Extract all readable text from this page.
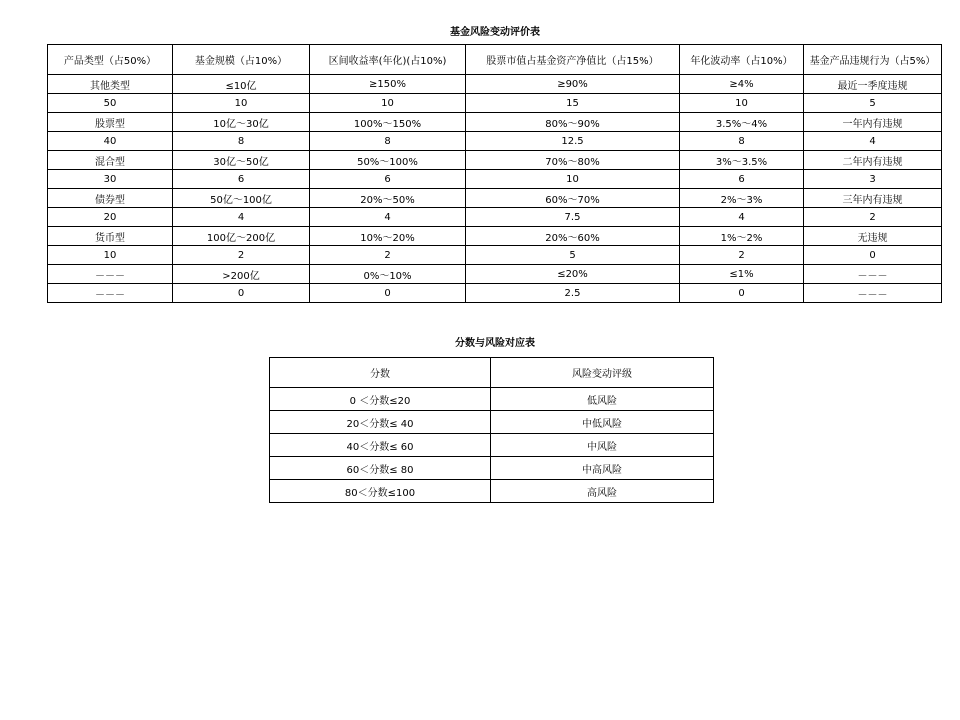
基金风险变动评价表
产品类型（占50%）	基金规模（占10%）	区间收益率(年化)(占10%)	股票市值占基金资产净值比（占15%）	年化波动率（占10%）	基金产品违规行为（占5%）
其他类型	≤10亿	≥150%	≥90%	≥4%	最近一季度违规
50	10	10	15	10	5
股票型	10亿～30亿	100%～150%	80%～90%	3.5%～4%	一年内有违规
40	8	8	12.5	8	4
混合型	30亿～50亿	50%～100%	70%～80%	3%～3.5%	二年内有违规
30	6	6	10	6	3
债券型	50亿～100亿	20%～50%	60%～70%	2%～3%	三年内有违规
20	4	4	7.5	4	2
货币型	100亿～200亿	10%～20%	20%～60%	1%～2%	无违规
10	2	2	5	2	0
－－－	>200亿	0%～10%	≤20%	≤1%	－－－
－－－	0	0	2.5	0	－－－
分数与风险对应表
分数	风险变动评级
0 ＜分数≤20	低风险
20＜分数≤ 40	中低风险
40＜分数≤ 60	中风险
60＜分数≤ 80	中高风险
80＜分数≤100	高风险
